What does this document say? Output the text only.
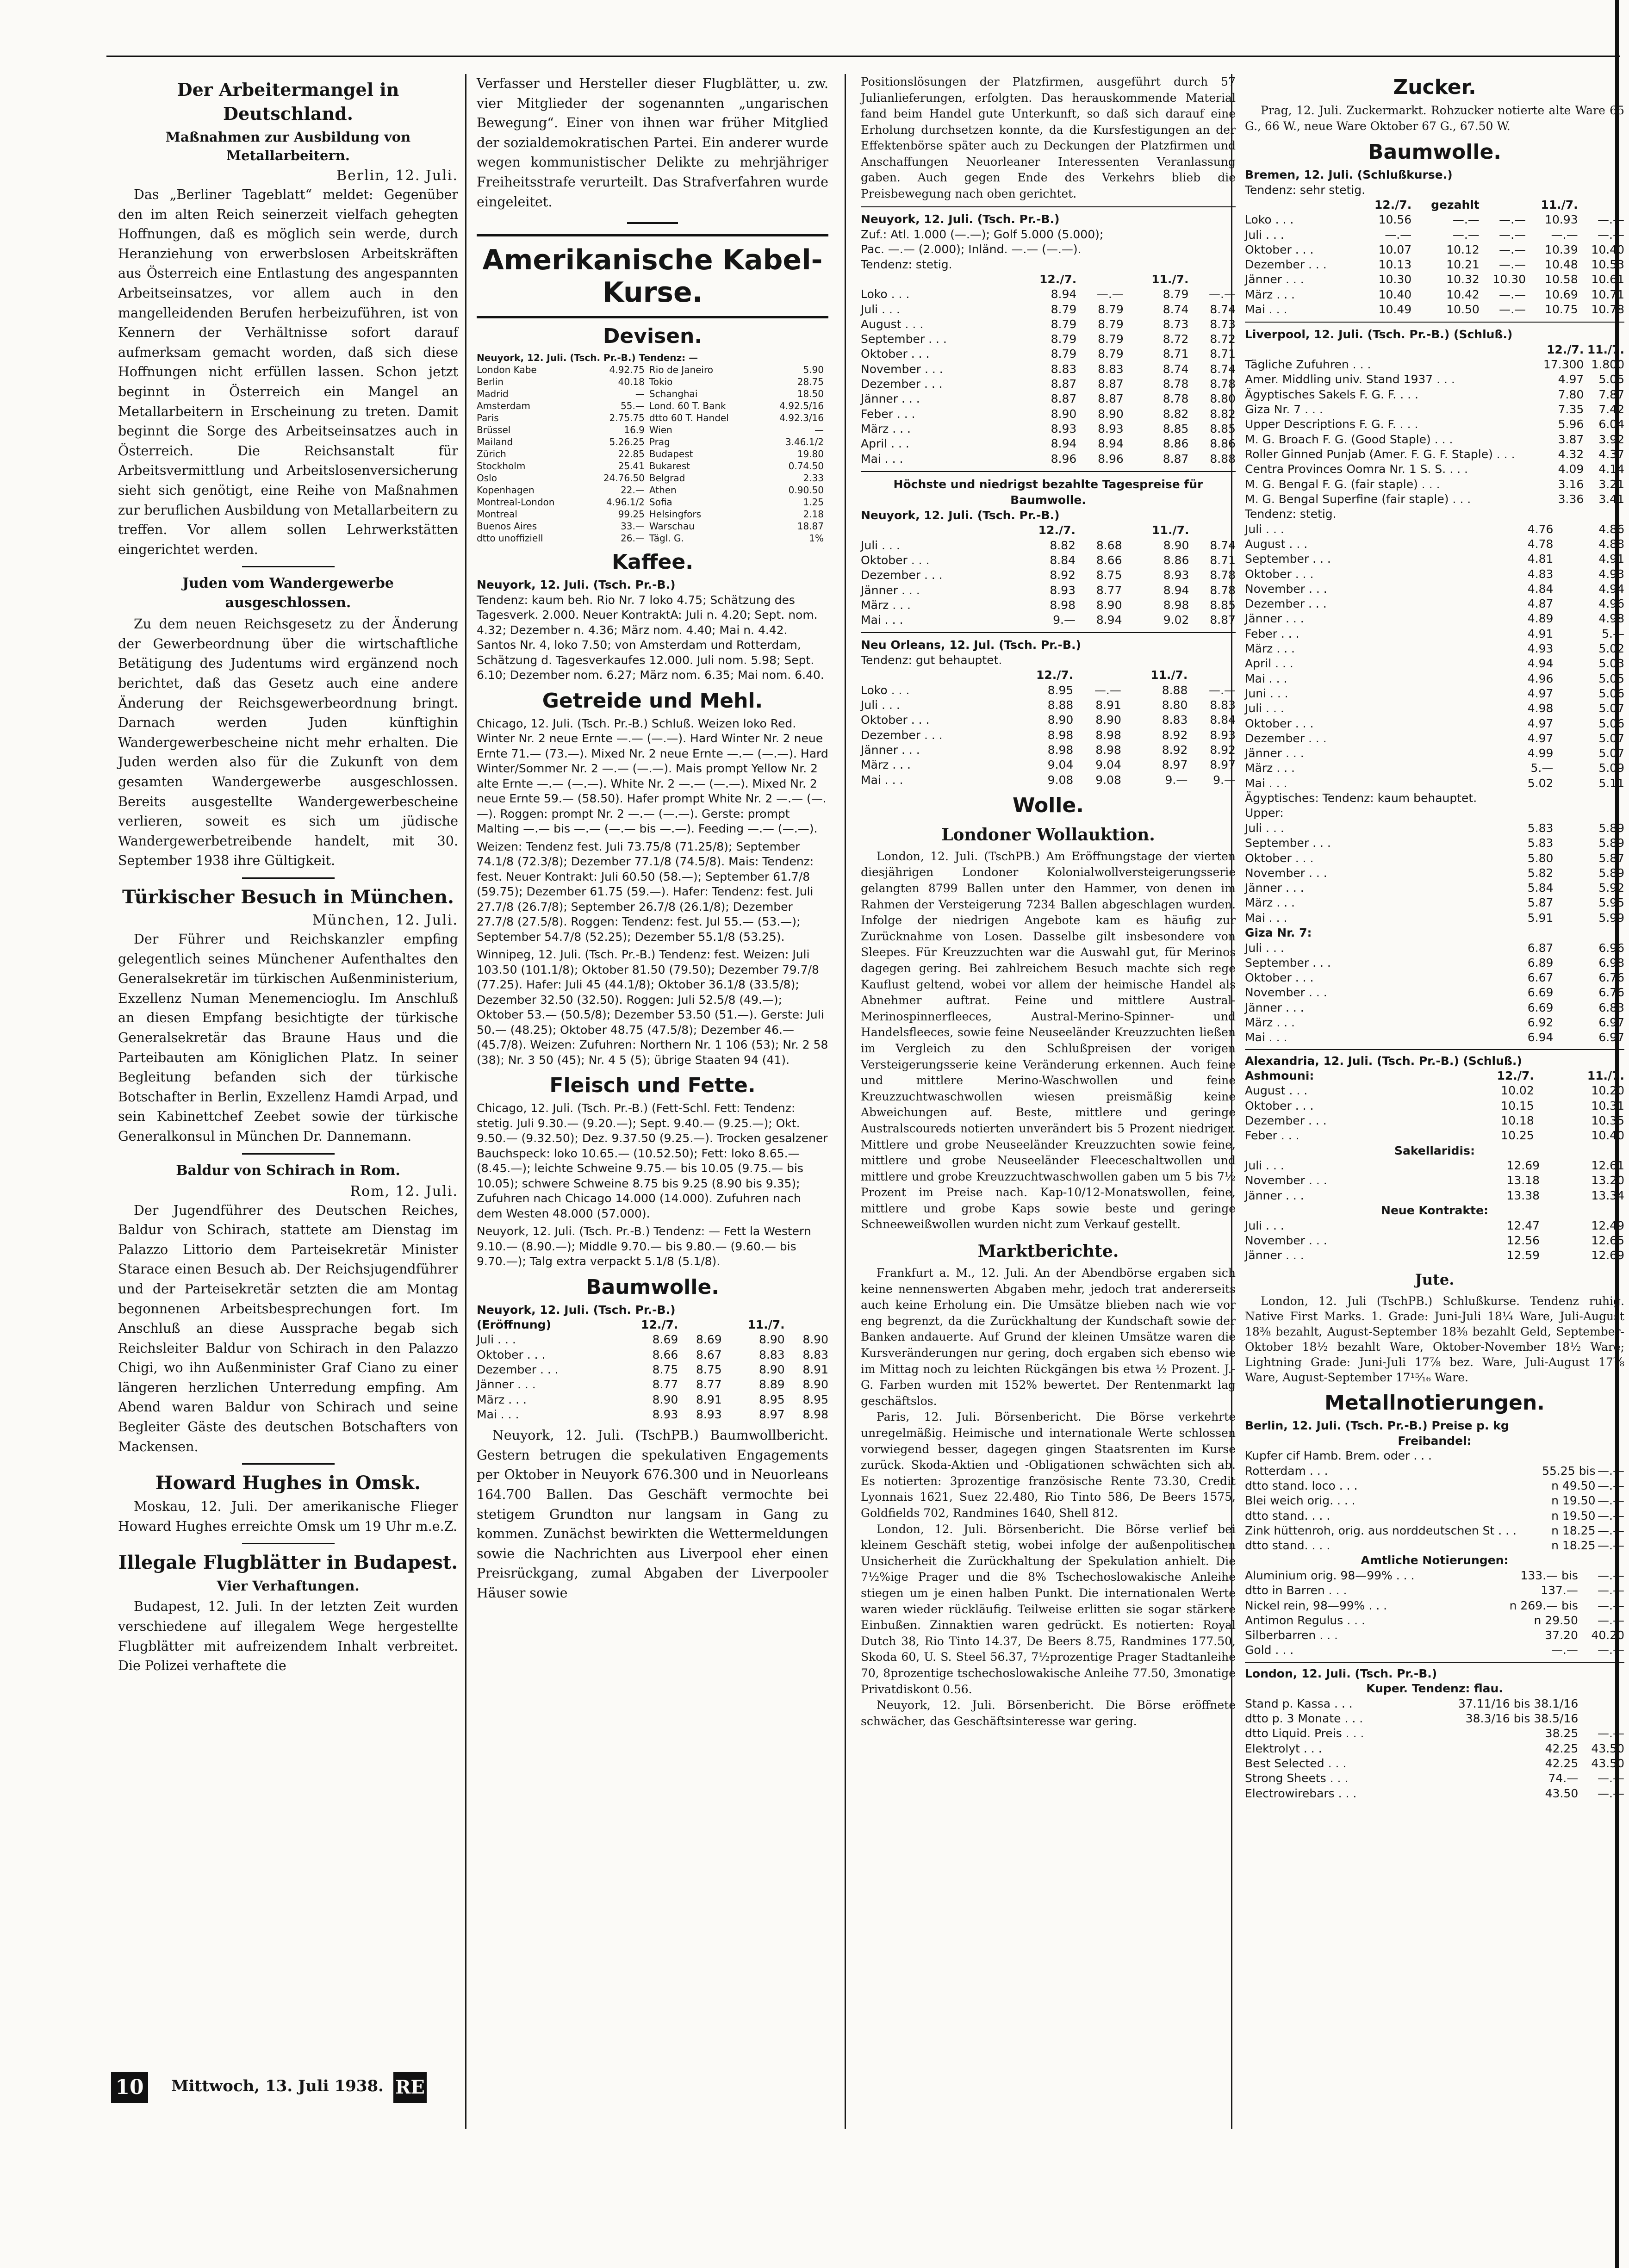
Der Arbeitermangel in Deutschland.
Maßnahmen zur Ausbildung von Metallarbeitern.
Berlin, 12. Juli.

Das „Berliner Tageblatt“ meldet: Gegenüber den im alten Reich seinerzeit vielfach gehegten Hoffnungen, daß es möglich sein werde, durch Heranziehung von erwerbslosen Arbeitskräften aus Österreich eine Entlastung des angespannten Arbeitseinsatzes, vor allem auch in den mangelleidenden Berufen herbeizuführen, ist von Kennern der Verhältnisse sofort darauf aufmerksam gemacht worden, daß sich diese Hoffnungen nicht erfüllen lassen. Schon jetzt beginnt in Österreich ein Mangel an Metallarbeitern in Erscheinung zu treten. Damit beginnt die Sorge des Arbeitseinsatzes auch in Österreich. Die Reichsanstalt für Arbeitsvermittlung und Arbeitslosenversicherung sieht sich genötigt, eine Reihe von Maßnahmen zur beruflichen Ausbildung von Metallarbeitern zu treffen. Vor allem sollen Lehrwerkstätten eingerichtet werden.

Juden vom Wandergewerbe ausgeschlossen.

Zu dem neuen Reichsgesetz zu der Änderung der Gewerbeordnung über die wirtschaftliche Betätigung des Judentums wird ergänzend noch berichtet, daß das Gesetz auch eine andere Änderung der Reichsgewerbeordnung bringt. Darnach werden Juden künftighin Wandergewerbescheine nicht mehr erhalten. Die Juden werden also für die Zukunft von dem gesamten Wandergewerbe ausgeschlossen. Bereits ausgestellte Wandergewerbescheine verlieren, soweit es sich um jüdische Wandergewerbetreibende handelt, mit 30. September 1938 ihre Gültigkeit.

Türkischer Besuch in München.
München, 12. Juli.

Der Führer und Reichskanzler empfing gelegentlich seines Münchener Aufenthaltes den Generalsekretär im türkischen Außenministerium, Exzellenz Numan Menemencioglu. Im Anschluß an diesen Empfang besichtigte der türkische Generalsekretär das Braune Haus und die Parteibauten am Königlichen Platz. In seiner Begleitung befanden sich der türkische Botschafter in Berlin, Exzellenz Hamdi Arpad, und sein Kabinettchef Zeebet sowie der türkische Generalkonsul in München Dr. Dannemann.

Baldur von Schirach in Rom.
Rom, 12. Juli.

Der Jugendführer des Deutschen Reiches, Baldur von Schirach, stattete am Dienstag im Palazzo Littorio dem Parteisekretär Minister Starace einen Besuch ab. Der Reichsjugendführer und der Parteisekretär setzten die am Montag begonnenen Arbeitsbesprechungen fort. Im Anschluß an diese Aussprache begab sich Reichsleiter Baldur von Schirach in den Palazzo Chigi, wo ihn Außenminister Graf Ciano zu einer längeren herzlichen Unterredung empfing. Am Abend waren Baldur von Schirach und seine Begleiter Gäste des deutschen Botschafters von Mackensen.

Howard Hughes in Omsk.

Moskau, 12. Juli. Der amerikanische Flieger Howard Hughes erreichte Omsk um 19 Uhr m.e.Z.

Illegale Flugblätter in Budapest.
Vier Verhaftungen.

Budapest, 12. Juli. In der letzten Zeit wurden verschiedene auf illegalem Wege hergestellte Flugblätter mit aufreizendem Inhalt verbreitet. Die Polizei verhaftete die

Verfasser und Hersteller dieser Flugblätter, u. zw. vier Mitglieder der sogenannten „ungarischen Bewegung“. Einer von ihnen war früher Mitglied der sozialdemokratischen Partei. Ein anderer wurde wegen kommunistischer Delikte zu mehrjähriger Freiheitsstrafe verurteilt. Das Strafverfahren wurde eingeleitet.

Amerikanische Kabel-Kurse.
Devisen.

Neuyork, 12. Juli. (Tsch. Pr.-B.) Tendenz: —

London Kabe	4.92.75	Rio de Janeiro	5.90
Berlin	40.18	Tokio	28.75
Madrid	—	Schanghai	18.50
Amsterdam	55.—	Lond. 60 T. Bank	4.92.5/16
Paris	2.75.75	dtto 60 T. Handel	4.92.3/16
Brüssel	16.9	Wien	—
Mailand	5.26.25	Prag	3.46.1/2
Zürich	22.85	Budapest	19.80
Stockholm	25.41	Bukarest	0.74.50
Oslo	24.76.50	Belgrad	2.33
Kopenhagen	22.—	Athen	0.90.50
Montreal-London	4.96.1/2	Sofia	1.25
Montreal	99.25	Helsingfors	2.18
Buenos Aires	33.—	Warschau	18.87
dtto unoffiziell	26.—	Tägl. G.	1%
Kaffee.

Neuyork, 12. Juli. (Tsch. Pr.-B.)

Tendenz: kaum beh. Rio Nr. 7 loko 4.75; Schätzung des Tagesverk. 2.000. Neuer KontraktA: Juli n. 4.20; Sept. nom. 4.32; Dezember n. 4.36; März nom. 4.40; Mai n. 4.42. Santos Nr. 4, loko 7.50; von Amsterdam und Rotterdam, Schätzung d. Tagesverkaufes 12.000. Juli nom. 5.98; Sept. 6.10; Dezember nom. 6.27; März nom. 6.35; Mai nom. 6.40.

Getreide und Mehl.

Chicago, 12. Juli. (Tsch. Pr.-B.) Schluß. Weizen loko Red. Winter Nr. 2 neue Ernte —.— (—.—). Hard Winter Nr. 2 neue Ernte 71.— (73.—). Mixed Nr. 2 neue Ernte —.— (—.—). Hard Winter/Sommer Nr. 2 —.— (—.—). Mais prompt Yellow Nr. 2 alte Ernte —.— (—.—). White Nr. 2 —.— (—.—). Mixed Nr. 2 neue Ernte 59.— (58.50). Hafer prompt White Nr. 2 —.— (—.—). Roggen: prompt Nr. 2 —.— (—.—). Gerste: prompt Malting —.— bis —.— (—.— bis —.—). Feeding —.— (—.—).

Weizen: Tendenz fest. Juli 73.75/8 (71.25/8); September 74.1/8 (72.3/8); Dezember 77.1/8 (74.5/8). Mais: Tendenz: fest. Neuer Kontrakt: Juli 60.50 (58.—); September 61.7/8 (59.75); Dezember 61.75 (59.—). Hafer: Tendenz: fest. Juli 27.7/8 (26.7/8); September 26.7/8 (26.1/8); Dezember 27.7/8 (27.5/8). Roggen: Tendenz: fest. Jul 55.— (53.—); September 54.7/8 (52.25); Dezember 55.1/8 (53.25).

Winnipeg, 12. Juli. (Tsch. Pr.-B.) Tendenz: fest. Weizen: Juli 103.50 (101.1/8); Oktober 81.50 (79.50); Dezember 79.7/8 (77.25). Hafer: Juli 45 (44.1/8); Oktober 36.1/8 (33.5/8); Dezember 32.50 (32.50). Roggen: Juli 52.5/8 (49.—); Oktober 53.— (50.5/8); Dezember 53.50 (51.—). Gerste: Juli 50.— (48.25); Oktober 48.75 (47.5/8); Dezember 46.— (45.7/8). Weizen: Zufuhren: Northern Nr. 1 106 (53); Nr. 2 58 (38); Nr. 3 50 (45); Nr. 4 5 (5); übrige Staaten 94 (41).

Fleisch und Fette.

Chicago, 12. Juli. (Tsch. Pr.-B.) (Fett-Schl. Fett: Tendenz: stetig. Juli 9.30.— (9.20.—); Sept. 9.40.— (9.25.—); Okt. 9.50.— (9.32.50); Dez. 9.37.50 (9.25.—). Trocken gesalzener Bauchspeck: loko 10.65.— (10.52.50); Fett: loko 8.65.— (8.45.—); leichte Schweine 9.75.— bis 10.05 (9.75.— bis 10.05); schwere Schweine 8.75 bis 9.25 (8.90 bis 9.35); Zufuhren nach Chicago 14.000 (14.000). Zufuhren nach dem Westen 48.000 (57.000).

Neuyork, 12. Juli. (Tsch. Pr.-B.) Tendenz: — Fett la Western 9.10.— (8.90.—); Middle 9.70.— bis 9.80.— (9.60.— bis 9.70.—); Talg extra verpackt 5.1/8 (5.1/8).

Baumwolle.

Neuyork, 12. Juli. (Tsch. Pr.-B.)

(Eröffnung)	12./7.		11./7.	
Juli . . .	8.69	8.69	8.90	8.90
Oktober . . .	8.66	8.67	8.83	8.83
Dezember . . .	8.75	8.75	8.90	8.91
Jänner . . .	8.77	8.77	8.89	8.90
März . . .	8.90	8.91	8.95	8.95
Mai . . .	8.93	8.93	8.97	8.98

Neuyork, 12. Juli. (TschPB.) Baumwollbericht. Gestern betrugen die spekulativen Engagements per Oktober in Neuyork 676.300 und in Neuorleans 164.700 Ballen. Das Geschäft vermochte bei stetigem Grundton nur langsam in Gang zu kommen. Zunächst bewirkten die Wettermeldungen sowie die Nachrichten aus Liverpool eher einen Preisrückgang, zumal Abgaben der Liverpooler Häuser sowie

Positionslösungen der Platzfirmen, ausgeführt durch 57 Julianlieferungen, erfolgten. Das herauskommende Material fand beim Handel gute Unterkunft, so daß sich darauf eine Erholung durchsetzen konnte, da die Kursfestigungen an der Effektenbörse später auch zu Deckungen der Platzfirmen und Anschaffungen Neuorleaner Interessenten Veranlassung gaben. Auch gegen Ende des Verkehrs blieb die Preisbewegung nach oben gerichtet.

Neuyork, 12. Juli. (Tsch. Pr.-B.)

Zuf.: Atl. 1.000 (—.—); Golf 5.000 (5.000);

Pac. —.— (2.000); Inländ. —.— (—.—).

Tendenz: stetig.

	12./7.		11./7.	
Loko . . .	8.94	—.—	8.79	—.—
Juli . . .	8.79	8.79	8.74	8.74
August . . .	8.79	8.79	8.73	8.73
September . . .	8.79	8.79	8.72	8.72
Oktober . . .	8.79	8.79	8.71	8.71
November . . .	8.83	8.83	8.74	8.74
Dezember . . .	8.87	8.87	8.78	8.78
Jänner . . .	8.87	8.87	8.78	8.80
Feber . . .	8.90	8.90	8.82	8.82
März . . .	8.93	8.93	8.85	8.85
April . . .	8.94	8.94	8.86	8.86
Mai . . .	8.96	8.96	8.87	8.88
Höchste und niedrigst bezahlte Tagespreise für Baumwolle.

Neuyork, 12. Juli. (Tsch. Pr.-B.)

	12./7.		11./7.	
Juli . . .	8.82	8.68	8.90	8.74
Oktober . . .	8.84	8.66	8.86	8.71
Dezember . . .	8.92	8.75	8.93	8.78
Jänner . . .	8.93	8.77	8.94	8.78
März . . .	8.98	8.90	8.98	8.85
Mai . . .	9.—	8.94	9.02	8.87

Neu Orleans, 12. Jul. (Tsch. Pr.-B.)

Tendenz: gut behauptet.

	12./7.		11./7.	
Loko . . .	8.95	—.—	8.88	—.—
Juli . . .	8.88	8.91	8.80	8.83
Oktober . . .	8.90	8.90	8.83	8.84
Dezember . . .	8.98	8.98	8.92	8.93
Jänner . . .	8.98	8.98	8.92	8.92
März . . .	9.04	9.04	8.97	8.97
Mai . . .	9.08	9.08	9.—	9.—
Wolle.
Londoner Wollauktion.

London, 12. Juli. (TschPB.) Am Eröffnungstage der vierten diesjährigen Londoner Kolonialwollversteigerungsserie gelangten 8799 Ballen unter den Hammer, von denen im Rahmen der Versteigerung 7234 Ballen abgeschlagen wurden. Infolge der niedrigen Angebote kam es häufig zur Zurücknahme von Losen. Dasselbe gilt insbesondere von Sleepes. Für Kreuzzuchten war die Auswahl gut, für Merinos dagegen gering. Bei zahlreichem Besuch machte sich rege Kauflust geltend, wobei vor allem der heimische Handel als Abnehmer auftrat. Feine und mittlere Austral-Merinospinnerfleeces, Austral-Merino-Spinner- und Handelsfleeces, sowie feine Neuseeländer Kreuzzuchten ließen im Vergleich zu den Schlußpreisen der vorigen Versteigerungsserie keine Veränderung erkennen. Auch feine und mittlere Merino-Waschwollen und feine Kreuzzuchtwaschwollen wiesen preismäßig keine Abweichungen auf. Beste, mittlere und geringe Australscoureds notierten unverändert bis 5 Prozent niedriger. Mittlere und grobe Neuseeländer Kreuzzuchten sowie feine, mittlere und grobe Neuseeländer Fleeceschaltwollen und mittlere und grobe Kreuzzuchtwaschwollen gaben um 5 bis 7½ Prozent im Preise nach. Kap-10/12-Monatswollen, feine, mittlere und grobe Kaps sowie beste und geringe Schneeweißwollen wurden nicht zum Verkauf gestellt.

Marktberichte.

Frankfurt a. M., 12. Juli. An der Abendbörse ergaben sich keine nennenswerten Abgaben mehr, jedoch trat andererseits auch keine Erholung ein. Die Umsätze blieben nach wie vor eng begrenzt, da die Zurückhaltung der Kundschaft sowie der Banken andauerte. Auf Grund der kleinen Umsätze waren die Kursveränderungen nur gering, doch ergaben sich ebenso wie im Mittag noch zu leichten Rückgängen bis etwa ½ Prozent. J.-G. Farben wurden mit 152% bewertet. Der Rentenmarkt lag geschäftslos.

Paris, 12. Juli. Börsenbericht. Die Börse verkehrte unregelmäßig. Heimische und internationale Werte schlossen vorwiegend besser, dagegen gingen Staatsrenten im Kurse zurück. Skoda-Aktien und -Obligationen schwächten sich ab. Es notierten: 3prozentige französische Rente 73.30, Credit Lyonnais 1621, Suez 22.480, Rio Tinto 586, De Beers 1575, Goldfields 702, Randmines 1640, Shell 812.

London, 12. Juli. Börsenbericht. Die Börse verlief bei kleinem Geschäft stetig, wobei infolge der außenpolitischen Unsicherheit die Zurückhaltung der Spekulation anhielt. Die 7½%ige Prager und die 8% Tschechoslowakische Anleihe stiegen um je einen halben Punkt. Die internationalen Werte waren wieder rückläufig. Teilweise erlitten sie sogar stärkere Einbußen. Zinnaktien waren gedrückt. Es notierten: Royal Dutch 38, Rio Tinto 14.37, De Beers 8.75, Randmines 177.50, Skoda 60, U. S. Steel 56.37, 7½prozentige Prager Stadtanleihe 70, 8prozentige tschechoslowakische Anleihe 77.50, 3monatige Privatdiskont 0.56.

Neuyork, 12. Juli. Börsenbericht. Die Börse eröffnete schwächer, das Geschäftsinteresse war gering.

Zucker.

Prag, 12. Juli. Zuckermarkt. Rohzucker notierte alte Ware 65 G., 66 W., neue Ware Oktober 67 G., 67.50 W.

Baumwolle.

Bremen, 12. Juli. (Schlußkurse.)

Tendenz: sehr stetig.

	12./7.	gezahlt		11./7.	
Loko . . .	10.56	—.—	—.—	10.93	—.—
Juli . . .	—.—	—.—	—.—	—.—	—.—
Oktober . . .	10.07	10.12	—.—	10.39	10.40
Dezember . . .	10.13	10.21	—.—	10.48	10.53
Jänner . . .	10.30	10.32	10.30	10.58	10.61
März . . .	10.40	10.42	—.—	10.69	10.71
Mai . . .	10.49	10.50	—.—	10.75	10.78

Liverpool, 12. Juli. (Tsch. Pr.-B.) (Schluß.)

	12./7.	11./7.
Tägliche Zufuhren . . .	17.300	1.800
Amer. Middling univ. Stand 1937 . . .	4.97	5.05
Ägyptisches Sakels F. G. F. . . .	7.80	7.87
Giza Nr. 7 . . .	7.35	7.42
Upper Descriptions F. G. F. . . .	5.96	6.04
M. G. Broach F. G. (Good Staple) . . .	3.87	3.92
Roller Ginned Punjab (Amer. F. G. F. Staple) . . .	4.32	4.37
Centra Provinces Oomra Nr. 1 S. S. . . .	4.09	4.14
M. G. Bengal F. G. (fair staple) . . .	3.16	3.21
M. G. Bengal Superfine (fair staple) . . .	3.36	3.41

Tendenz: stetig.

Juli . . .	4.76	4.86
August . . .	4.78	4.88
September . . .	4.81	4.91
Oktober . . .	4.83	4.93
November . . .	4.84	4.94
Dezember . . .	4.87	4.96
Jänner . . .	4.89	4.98
Feber . . .	4.91	5.—
März . . .	4.93	5.02
April . . .	4.94	5.03
Mai . . .	4.96	5.05
Juni . . .	4.97	5.06
Juli . . .	4.98	5.07
Oktober . . .	4.97	5.06
Dezember . . .	4.97	5.07
Jänner . . .	4.99	5.07
März . . .	5.—	5.09
Mai . . .	5.02	5.11

Ägyptisches: Tendenz: kaum behauptet.

Upper:

Juli . . .	5.83	5.89
September . . .	5.83	5.89
Oktober . . .	5.80	5.87
November . . .	5.82	5.89
Jänner . . .	5.84	5.92
März . . .	5.87	5.95
Mai . . .	5.91	5.99

Giza Nr. 7:

Juli . . .	6.87	6.96
September . . .	6.89	6.98
Oktober . . .	6.67	6.76
November . . .	6.69	6.76
Jänner . . .	6.69	6.83
März . . .	6.92	6.97
Mai . . .	6.94	6.97

Alexandria, 12. Juli. (Tsch. Pr.-B.) (Schluß.)

Ashmouni:	12./7.	11./7.
August . . .	10.02	10.20
Oktober . . .	10.15	10.31
Dezember . . .	10.18	10.35
Feber . . .	10.25	10.40

Sakellaridis:

Juli . . .	12.69	12.61
November . . .	13.18	13.20
Jänner . . .	13.38	13.34

Neue Kontrakte:

Juli . . .	12.47	12.49
November . . .	12.56	12.65
Jänner . . .	12.59	12.69
Jute.

London, 12. Juli (TschPB.) Schlußkurse. Tendenz ruhig. Native First Marks. 1. Grade: Juni-Juli 18¼ Ware, Juli-August 18⅜ bezahlt, August-September 18⅜ bezahlt Geld, September-Oktober 18½ bezahlt Ware, Oktober-November 18½ Ware; Lightning Grade: Juni-Juli 17⅞ bez. Ware, Juli-August 17⅞ Ware, August-September 17¹⁵⁄₁₆ Ware.

Metallnotierungen.

Berlin, 12. Juli. (Tsch. Pr.-B.) Preise p. kg

Freibandel:

Kupfer cif Hamb. Brem. oder . . .		
Rotterdam . . .	55.25 bis	—.—
dtto stand. loco . . .	n 49.50	—.—
Blei weich orig. . . .	n 19.50	—.—
dtto stand. . . .	n 19.50	—.—
Zink hüttenroh, orig. aus norddeutschen St . . .	n 18.25	—.—
dtto stand. . . .	n 18.25	—.—

Amtliche Notierungen:

Aluminium orig. 98—99% . . .	133.— bis	—.—
dtto in Barren . . .	137.—	—.—
Nickel rein, 98—99% . . .	n 269.— bis	—.—
Antimon Regulus . . .	n 29.50	—.—
Silberbarren . . .	37.20	40.20
Gold . . .	—.—	—.—

London, 12. Juli. (Tsch. Pr.-B.)

Kuper. Tendenz: flau.

Stand p. Kassa . . .	37.11/16 bis 38.1/16	
dtto p. 3 Monate . . .	38.3/16 bis 38.5/16	
dtto Liquid. Preis . . .	38.25	—.—
Elektrolyt . . .	42.25	43.50
Best Selected . . .	42.25	43.50
Strong Sheets . . .	74.—	—.—
Electrowirebars . . .	43.50	—.—
10 Mittwoch, 13. Juli 1938. RE
